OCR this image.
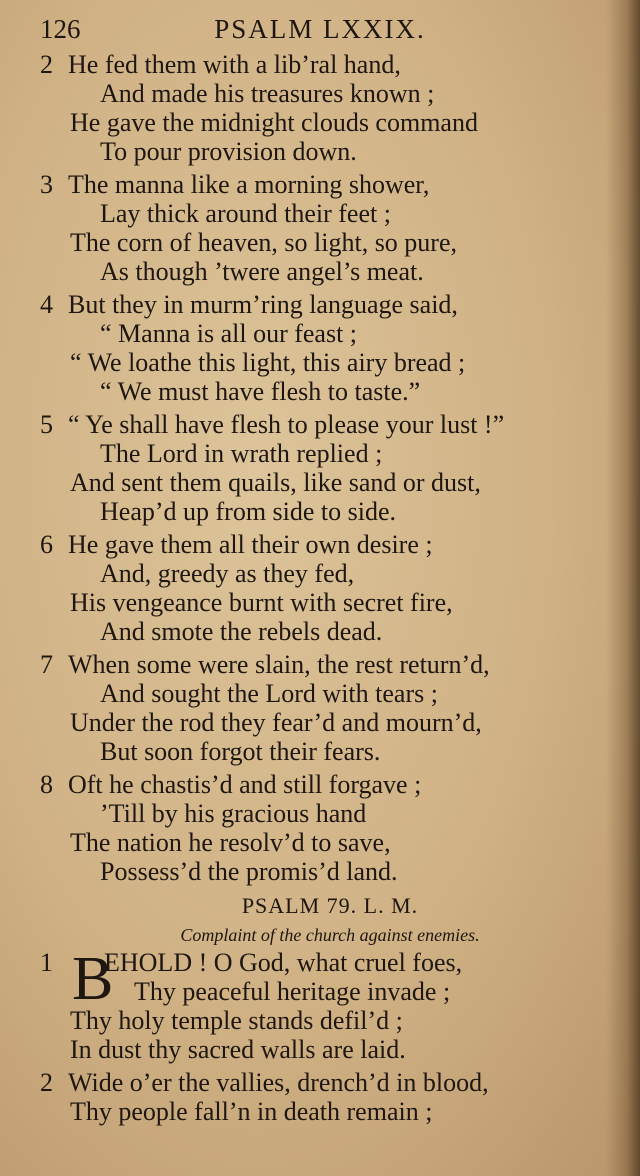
126	PSALM LXXIX.
2 He fed them with a lib’ral hand,
And made his treasures known ;
He gave the midnight clouds command
To pour provision down.
3 The manna like a morning shower,
Lay thick around their feet ;
The corn of heaven, so light, so pure,
As though ’twere angel’s meat.
4 But they in murm’ring language said,
“ Manna is all our feast ;
“ We loathe this light, this airy bread ;
“ We must have flesh to taste.”
5 “ Ye shall have flesh to please your lust !”
The Lord in wrath replied ;
And sent them quails, like sand or dust,
Heap’d up from side to side.
6 He gave them all their own desire ;
And, greedy as they fed,
His vengeance burnt with secret fire,
And smote the rebels dead.
7 When some were slain, the rest return’d,
And sought the Lord with tears ;
Under the rod they fear’d and mourn’d,
But soon forgot their fears.
8 Oft he chastis’d and still forgave ;
’Till by his gracious hand
The nation he resolv’d to save,
Possess’d the promis’d land.
PSALM 79. L. M.
Complaint of the church against enemies.
1 B
EHOLD ! O God, what cruel foes,
Thy peaceful heritage invade ;
Thy holy temple stands defil’d ;
In dust thy sacred walls are laid.
2 Wide o’er the vallies, drench’d in blood,
Thy people fall’n in death remain ;
